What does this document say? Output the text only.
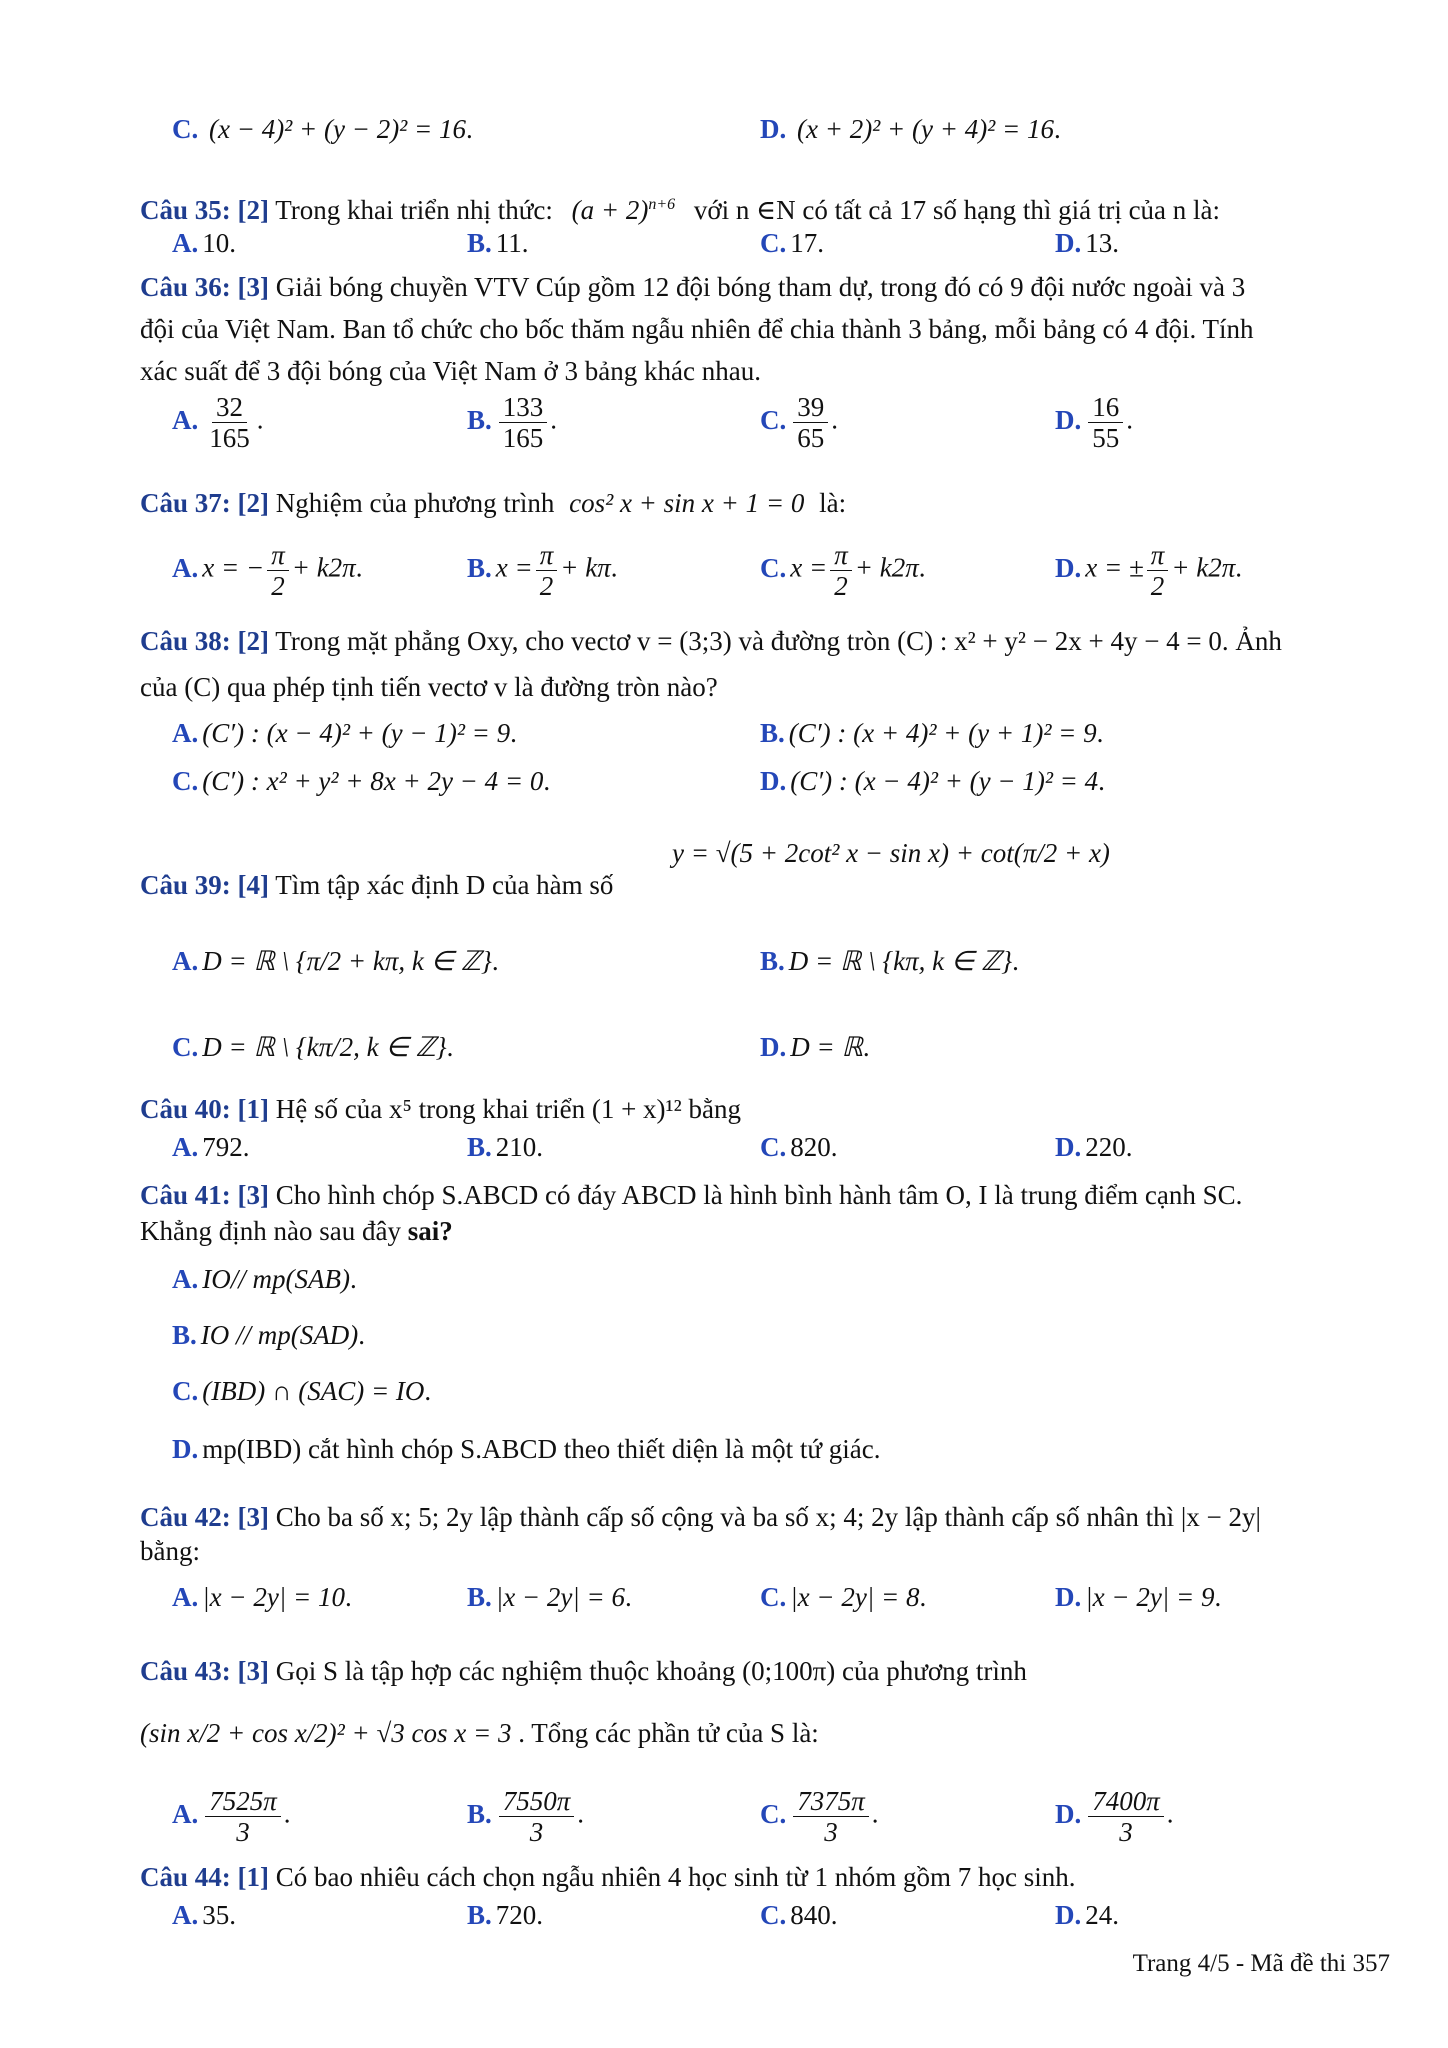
C. (x − 4)² + (y − 2)² = 16.	D. (x + 2)² + (y + 4)² = 16.
Câu 35: [2] Trong khai triển nhị thức: $(a + 2)^{n+6}$ với n ∈N có tất cả 17 số hạng thì giá trị của n là:
A. 10.	B. 11.	C. 17.	D. 13.
Câu 36: [3] Giải bóng chuyền VTV Cúp gồm 12 đội bóng tham dự, trong đó có 9 đội nước ngoài và 3
đội của Việt Nam. Ban tổ chức cho bốc thăm ngẫu nhiên để chia thành 3 bảng, mỗi bảng có 4 đội. Tính
xác suất để 3 đội bóng của Việt Nam ở 3 bảng khác nhau.
A. $\frac{32}{165}$ .	B. $\frac{133}{165}$ .	C. $\frac{39}{65}$ .	D. $\frac{16}{55}$ .
Câu 37: [2] Nghiệm của phương trình cos² x + sin x + 1 = 0 là:
A. x = − $\frac{\pi}{2} + k2\pi$.	B. $x = \frac{\pi}{2} + k\pi$.	C. $x = \frac{\pi}{2} + k2\pi$.	D. x = ± $\frac{\pi}{2} + k2\pi$.
Câu 38: [2] Trong mặt phẳng Oxy, cho vectơ v = (3;3) và đường tròn (C) : x² + y² − 2x + 4y − 4 = 0. Ảnh
của (C) qua phép tịnh tiến vectơ v là đường tròn nào?
A. (C′) : (x − 4)² + (y − 1)² = 9.	B. (C′) : (x + 4)² + (y + 1)² = 9.
C. (C′) : x² + y² + 8x + 2y − 4 = 0.	D. (C′) : (x − 4)² + (y − 1)² = 4.
y = √(5 + 2cot² x − sin x) + cot(π/2 + x)
Câu 39: [4] Tìm tập xác định D của hàm số
A. D = ℝ \ {π/2 + kπ, k ∈ ℤ}.	B. D = ℝ \ {kπ, k ∈ ℤ}.
C. D = ℝ \ {kπ/2, k ∈ ℤ}.	D. D = ℝ.
Câu 40: [1] Hệ số của x⁵ trong khai triển (1 + x)¹² bằng
A. 792.	B. 210.	C. 820.	D. 220.
Câu 41: [3] Cho hình chóp S.ABCD có đáy ABCD là hình bình hành tâm O, I là trung điểm cạnh SC.
Khẳng định nào sau đây sai?
A. IO// mp(SAB).
B. IO // mp(SAD).
C. (IBD) ∩ (SAC) = IO.
D. mp(IBD) cắt hình chóp S.ABCD theo thiết diện là một tứ giác.
Câu 42: [3] Cho ba số x; 5; 2y lập thành cấp số cộng và ba số x; 4; 2y lập thành cấp số nhân thì |x − 2y|
bằng:
A. |x − 2y| = 10.	B. |x − 2y| = 6.	C. |x − 2y| = 8.	D. |x − 2y| = 9.
Câu 43: [3] Gọi S là tập hợp các nghiệm thuộc khoảng (0;100π) của phương trình
(sin x/2 + cos x/2)² + √3 cos x = 3 . Tổng các phần tử của S là:
A. $\frac{7525\pi}{3}$ .	B. $\frac{7550\pi}{3}$ .	C. $\frac{7375\pi}{3}$ .	D. $\frac{7400\pi}{3}$ .
Câu 44: [1] Có bao nhiêu cách chọn ngẫu nhiên 4 học sinh từ 1 nhóm gồm 7 học sinh.
A. 35.	B. 720.	C. 840.	D. 24.
Trang 4/5 - Mã đề thi 357
